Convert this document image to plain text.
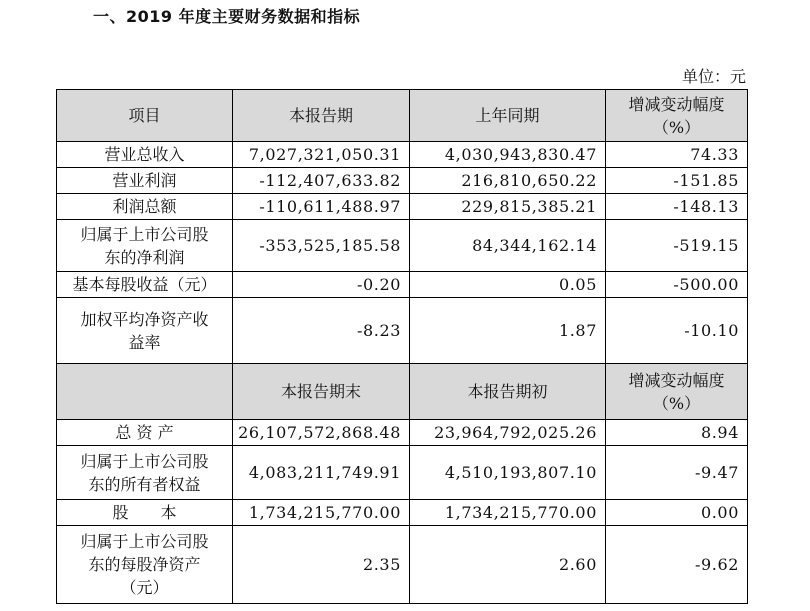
一、2019 年度主要财务数据和指标
单位：元
项目	本报告期	上年同期	增减变动幅度
（%）
营业总收入	7,027,321,050.31	4,030,943,830.47	74.33
营业利润	-112,407,633.82	216,810,650.22	-151.85
利润总额	-110,611,488.97	229,815,385.21	-148.13
归属于上市公司股
东的净利润	-353,525,185.58	84,344,162.14	-519.15
基本每股收益（元）	-0.20	0.05	-500.00
加权平均净资产收
益率	-8.23	1.87	-10.10
	本报告期末	本报告期初	增减变动幅度
（%）
总 资 产	26,107,572,868.48	23,964,792,025.26	8.94
归属于上市公司股
东的所有者权益	4,083,211,749.91	4,510,193,807.10	-9.47
股　　本	1,734,215,770.00	1,734,215,770.00	0.00
归属于上市公司股
东的每股净资产
（元）	2.35	2.60	-9.62
